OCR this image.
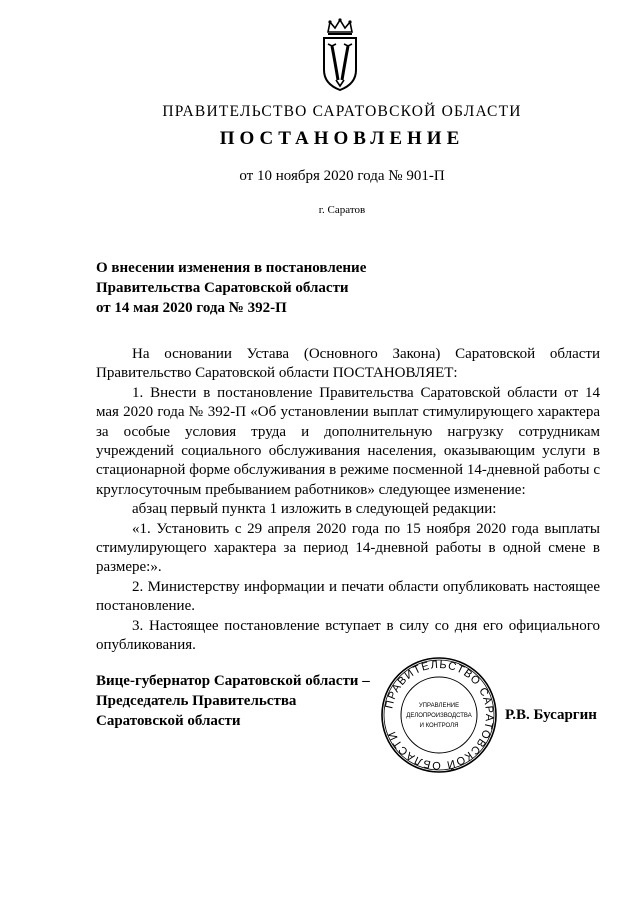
ПРАВИТЕЛЬСТВО САРАТОВСКОЙ ОБЛАСТИ
ПОСТАНОВЛЕНИЕ
от 10 ноября 2020 года № 901-П
г. Саратов
О внесении изменения в постановление
Правительства Саратовской области
от 14 мая 2020 года № 392-П

На основании Устава (Основного Закона) Саратовской области Правительство Саратовской области ПОСТАНОВЛЯЕТ:

1. Внести в постановление Правительства Саратовской области от 14 мая 2020 года № 392-П «Об установлении выплат стимулирующего характера за особые условия труда и дополнительную нагрузку сотрудникам учреждений социального обслуживания населения, оказывающим услуги в стационарной форме обслуживания в режиме посменной 14-дневной работы с круглосуточным пребыванием работников» следующее изменение:

абзац первый пункта 1 изложить в следующей редакции:

«1. Установить с 29 апреля 2020 года по 15 ноября 2020 года выплаты стимулирующего характера за период 14-дневной работы в одной смене в размере:».

2. Министерству информации и печати области опубликовать настоящее постановление.

3. Настоящее постановление вступает в силу со дня его официального опубликования.

Вице-губернатор Саратовской области –
Председатель Правительства
Саратовской области
ПРАВИТЕЛЬСТВО САРАТОВСКОЙ ОБЛАСТИ
УПРАВЛЕНИЕ
ДЕЛОПРОИЗВОДСТВА
И КОНТРОЛЯ
Р.В. Бусаргин
